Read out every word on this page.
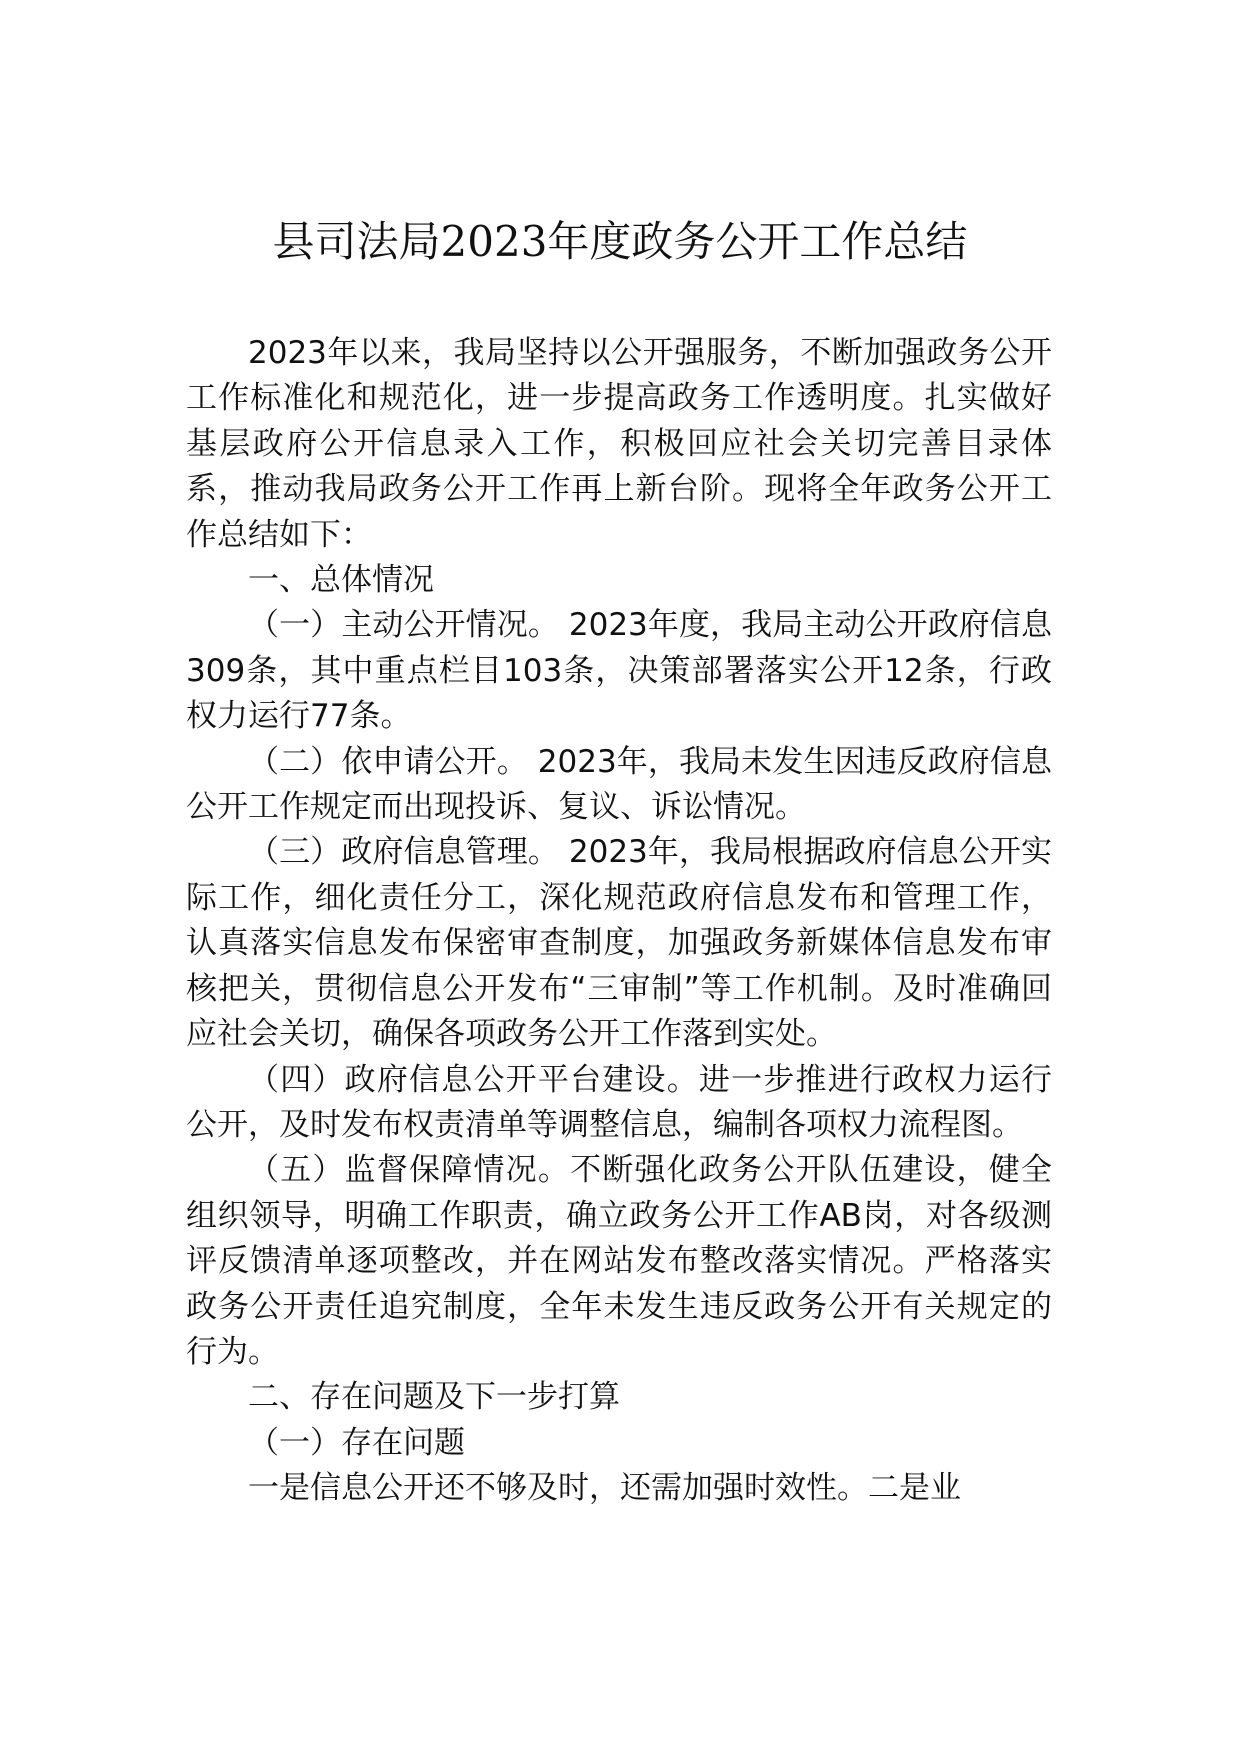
县司法局2023年度政务公开工作总结

2023年以来，我局坚持以公开强服务，不断加强政务公开工作标准化和规范化，进一步提高政务工作透明度。扎实做好基层政府公开信息录入工作，积极回应社会关切完善目录体系，推动我局政务公开工作再上新台阶。现将全年政务公开工作总结如下：

一、总体情况

（一）主动公开情况。 2023年度，我局主动公开政府信息 309条，其中重点栏目103条，决策部署落实公开12条，行政权力运行77条。

（二）依申请公开。 2023年，我局未发生因违反政府信息公开工作规定而出现投诉、复议、诉讼情况。

（三）政府信息管理。 2023年，我局根据政府信息公开实际工作，细化责任分工，深化规范政府信息发布和管理工作，认真落实信息发布保密审查制度，加强政务新媒体信息发布审核把关，贯彻信息公开发布“三审制”等工作机制。及时准确回应社会关切，确保各项政务公开工作落到实处。

（四）政府信息公开平台建设。进一步推进行政权力运行公开，及时发布权责清单等调整信息，编制各项权力流程图。

（五）监督保障情况。不断强化政务公开队伍建设，健全组织领导，明确工作职责，确立政务公开工作AB岗，对各级测评反馈清单逐项整改，并在网站发布整改落实情况。严格落实政务公开责任追究制度，全年未发生违反政务公开有关规定的行为。

二、存在问题及下一步打算

（一）存在问题

一是信息公开还不够及时，还需加强时效性。二是业
